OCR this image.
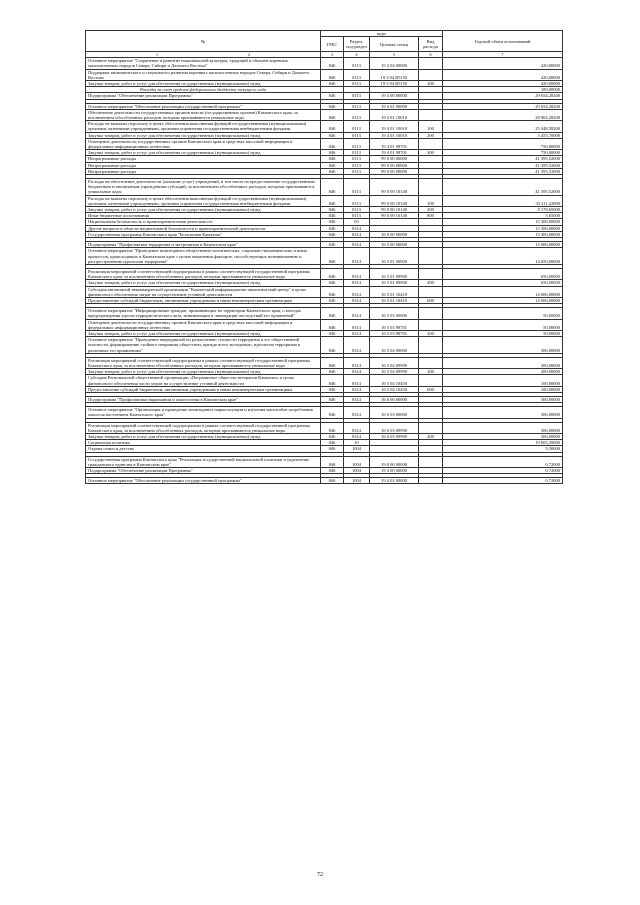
№	коды				Годовой объем ассигнований
	ГРБС	Раздел, под-раздел	Целевая статья	Вид расхода	
1 2	3	4	5	6	7
Основное мероприятие "Сохранение и развитие национальной культуры, традиций и обычаев коренных малочисленных народов Севера, Сибири и Дальнего Востока"	846	0113	19 3 04 00000		420,00000
Поддержка экономического и социального развития коренных малочисленных народов Севера, Сибири и Дальнего Востока	846	0113	19 3 04 R5150		420,00000
Закупка товаров, работ и услуг для обеспечения государственных (муниципальных) нужд	846	0113	19 3 04 R5150	200	420,00000
Расходы за счет средств федерального бюджета текущего года					189,00000
Подпрограмма "Обеспечение реализации Программы"	846	0113	19 4 00 00000		29 654,28200

Основное мероприятие "Обеспечение реализации государственной программы"	846	0113	19 4 01 00000		29 654,28200
Обеспечение деятельности государственных органов власти (государственных органов) Камчатского края, за исключением обособленных расходов, которым присваиваются уникальные коды	846	0113	19 4 01 10010		28 904,28200
Расходы на выплаты персоналу в целях обеспечения выполнения функций государственными (муниципальными) органами, казенными учреждениями, органами управления государственными внебюджетными фондами	846	0113	19 4 01 10010	100	25 448,58200
Закупка товаров, работ и услуг для обеспечения государственных (муниципальных) нужд	846	0113	19 4 01 10010	200	3 455,70000
Освещение деятельности государственных органов Камчатского края в средствах массовой информации и федеральных информационных агентствах	846	0113	19 4 01 98701		750,00000
Закупка товаров, работ и услуг для обеспечения государственных (муниципальных) нужд	846	0113	19 4 01 98701	200	750,00000
Непрограммные расходы	846	0113	99 0 00 00000		41 395,52000
Непрограммные расходы	846	0113	99 0 00 00000		41 395,52000
Непрограммные расходы	846	0113	99 0 00 00000		41 395,52000

Расходы на обеспечение деятельности (оказание услуг) учреждений, в том числе на предоставление государственным бюджетным и автономным учреждениям субсидий, за исключением обособленных расходов, которым присваиваются уникальные коды	846	0113	99 0 00 10140		41 395,52000
Расходы на выплаты персоналу в целях обеспечения выполнения функций государственными (муниципальными) органами, казенными учреждениями, органами управления государственными внебюджетными фондами	846	0113	99 0 00 10140	100	33 211,22000
Закупка товаров, работ и услуг для обеспечения государственных (муниципальных) нужд	846	0113	99 0 00 10140	200	8 178,65000
Иные бюджетные ассигнования	846	0113	99 0 00 10140	800	5,65000
Национальная безопасность и правоохранительная деятельность	846	03			15 300,00000
Другие вопросы в области национальной безопасности и правоохранительной деятельности	846	0314			15 300,00000
Государственная программа Камчатского края "Безопасная Камчатка"	846	0314	16 0 00 00000		15 300,00000

Подпрограмма "Профилактика терроризма и экстремизма в Камчатском крае"	846	0314	16 5 00 00000		15 000,00000
Основное мероприятие "Проведение мониторинга общественно-политических, социально-экономических и иных процессов, происходящих в Камчатском крае с целью выявления факторов, способствующих возникновению и распространению идеологии терроризма"	846	0314	16 5 01 00000		14 650,00000

Реализация мероприятий соответствующей подпрограммы в рамках соответствующей государственной программы Камчатского края, за исключением обособленных расходов, которым присваиваются уникальные коды	846	0314	16 5 01 09990		650,00000
Закупка товаров, работ и услуг для обеспечения государственных (муниципальных) нужд	846	0314	16 5 01 09990	200	650,00000
Субсидия автономной некоммерческой организации "Камчатский информационно-аналитический центр" в целях финансового обеспечения затрат на осуществление уставной деятельности	846	0314	16 5 01 10410		14 000,00000
Предоставление субсидий бюджетным, автономным учреждениям и иным некоммерческим организациям	846	0314	16 5 01 10410	600	14 000,00000

Основное мероприятие "Информирование граждан, проживающих на территории Камчатского края, о методах предупреждения угрозы террористического акта, минимизации и ликвидации последствий его проявлений"	846	0314	16 5 03 00000		50,00000
Освещение деятельности государственных органов Камчатского края в средствах массовой информации и федеральных информационных агентствах	846	0314	16 5 03 98701		50,00000
Закупка товаров, работ и услуг для обеспечения государственных (муниципальных) нужд	846	0314	16 5 03 98701	200	50,00000
Основное мероприятие "Проведение мероприятий по разъяснению сущности терроризма и его общественной опасности, формированию стойкого неприятия обществом, прежде всего молодежью, идеологии терроризма в различных его проявлениях"	846	0314	16 5 04 00000		300,00000

Реализация мероприятий соответствующей подпрограммы в рамках соответствующей государственной программы Камчатского края, за исключением обособленных расходов, которым присваиваются уникальные коды	846	0314	16 5 04 09990		200,00000
Закупка товаров, работ и услуг для обеспечения государственных (муниципальных) нужд	846	0314	16 5 04 09990	200	200,00000
Субсидия Региональной общественной организации «Пограничное общество ветеранов Камчатки» в целях финансового обеспечения части затрат на осуществление уставной деятельности	846	0314	16 5 04 10450		100,00000
Предоставление субсидий бюджетным, автономным учреждениям и иным некоммерческим организациям	846	0314	16 5 04 10450	600	100,00000

Подпрограмма "Профилактика наркомании и алкоголизма в Камчатском крае"	846	0314	16 6 00 00000		300,00000

Основное мероприятие "Организация и проведение мониторинга наркоситуации и изучения масштабов потребления алкоголя населением Камчатского края"	846	0314	16 6 03 00000		300,00000

Реализация мероприятий соответствующей подпрограммы в рамках соответствующей государственной программы Камчатского края, за исключением обособленных расходов, которым присваиваются уникальные коды	846	0314	16 6 03 09990		300,00000
Закупка товаров, работ и услуг для обеспечения государственных (муниципальных) нужд	846	0314	16 6 03 09990	200	300,00000
Социальная политика	846	10			19 603,39000
Охрана семьи и детства	846	1004			9,30000

Государственная программа Камчатского края "Реализация государственной национальной политики и укрепление гражданского единства в Камчатском крае"	846	1004	19 0 00 00000		0,72000
Подпрограмма "Обеспечение реализации Программы"	846	1004	19 4 00 00000		0,72000

Основное мероприятие "Обеспечение реализации государственной программы"	846	1004	19 4 01 00000		0,72000
72
